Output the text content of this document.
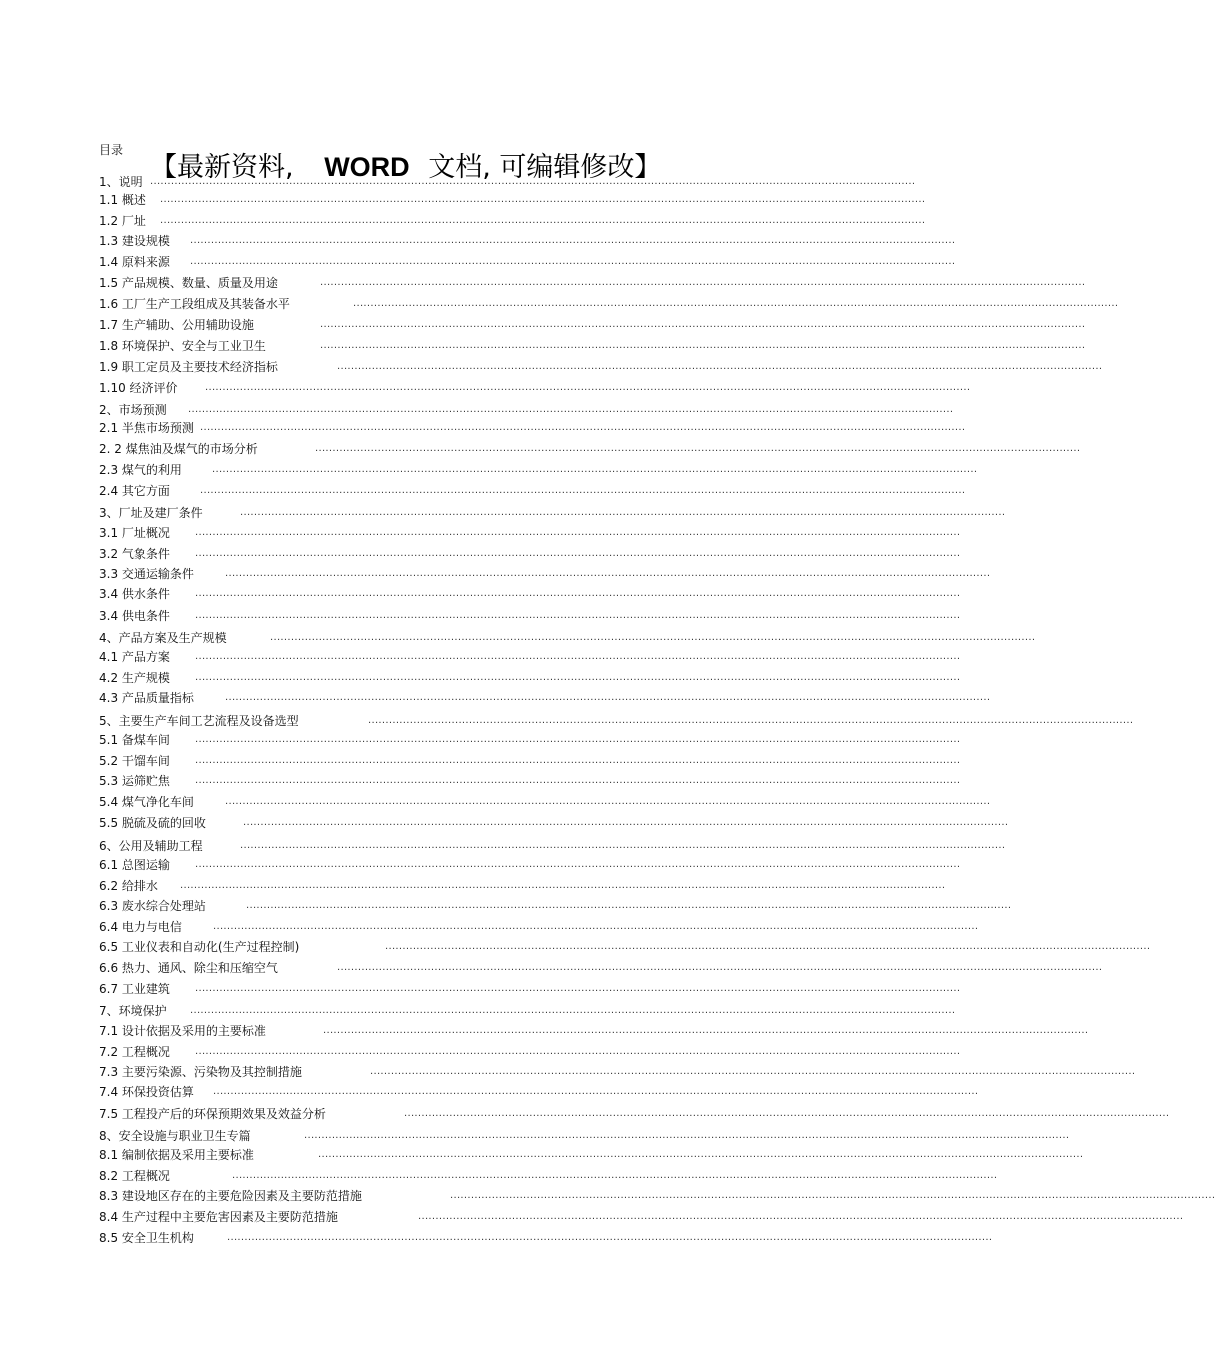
目录
【最新资料, WORD 文档, 可编辑修改】
............................................................................................................................................................................................................................
1、说明
............................................................................................................................................................................................................................
1.1 概述
............................................................................................................................................................................................................................
1.2 厂址
............................................................................................................................................................................................................................
1.3 建设规模
............................................................................................................................................................................................................................
1.4 原料来源
............................................................................................................................................................................................................................
1.5 产品规模、数量、质量及用途
............................................................................................................................................................................................................................
1.6 工厂生产工段组成及其装备水平
............................................................................................................................................................................................................................
1.7 生产辅助、公用辅助设施
............................................................................................................................................................................................................................
1.8 环境保护、安全与工业卫生
............................................................................................................................................................................................................................
1.9 职工定员及主要技术经济指标
............................................................................................................................................................................................................................
1.10 经济评价
............................................................................................................................................................................................................................
2、市场预测
............................................................................................................................................................................................................................
2.1 半焦市场预测
............................................................................................................................................................................................................................
2. 2 煤焦油及煤气的市场分析
............................................................................................................................................................................................................................
2.3 煤气的利用
............................................................................................................................................................................................................................
2.4 其它方面
............................................................................................................................................................................................................................
3、厂址及建厂条件
............................................................................................................................................................................................................................
3.1 厂址概况
............................................................................................................................................................................................................................
3.2 气象条件
............................................................................................................................................................................................................................
3.3 交通运输条件
............................................................................................................................................................................................................................
3.4 供水条件
............................................................................................................................................................................................................................
3.4 供电条件
............................................................................................................................................................................................................................
4、产品方案及生产规模
............................................................................................................................................................................................................................
4.1 产品方案
............................................................................................................................................................................................................................
4.2 生产规模
............................................................................................................................................................................................................................
4.3 产品质量指标
............................................................................................................................................................................................................................
5、主要生产车间工艺流程及设备选型
............................................................................................................................................................................................................................
5.1 备煤车间
............................................................................................................................................................................................................................
5.2 干馏车间
............................................................................................................................................................................................................................
5.3 运筛贮焦
............................................................................................................................................................................................................................
5.4 煤气净化车间
............................................................................................................................................................................................................................
5.5 脱硫及硫的回收
............................................................................................................................................................................................................................
6、公用及辅助工程
............................................................................................................................................................................................................................
6.1 总图运输
............................................................................................................................................................................................................................
6.2 给排水
............................................................................................................................................................................................................................
6.3 废水综合处理站
............................................................................................................................................................................................................................
6.4 电力与电信
............................................................................................................................................................................................................................
6.5 工业仪表和自动化(生产过程控制)
............................................................................................................................................................................................................................
6.6 热力、通风、除尘和压缩空气
............................................................................................................................................................................................................................
6.7 工业建筑
............................................................................................................................................................................................................................
7、环境保护
............................................................................................................................................................................................................................
7.1 设计依据及采用的主要标准
............................................................................................................................................................................................................................
7.2 工程概况
............................................................................................................................................................................................................................
7.3 主要污染源、污染物及其控制措施
............................................................................................................................................................................................................................
7.4 环保投资估算
............................................................................................................................................................................................................................
7.5 工程投产后的环保预期效果及效益分析
............................................................................................................................................................................................................................
8、安全设施与职业卫生专篇
............................................................................................................................................................................................................................
8.1 编制依据及采用主要标准
............................................................................................................................................................................................................................
8.2 工程概况
............................................................................................................................................................................................................................
8.3 建设地区存在的主要危险因素及主要防范措施
............................................................................................................................................................................................................................
8.4 生产过程中主要危害因素及主要防范措施
............................................................................................................................................................................................................................
8.5 安全卫生机构
